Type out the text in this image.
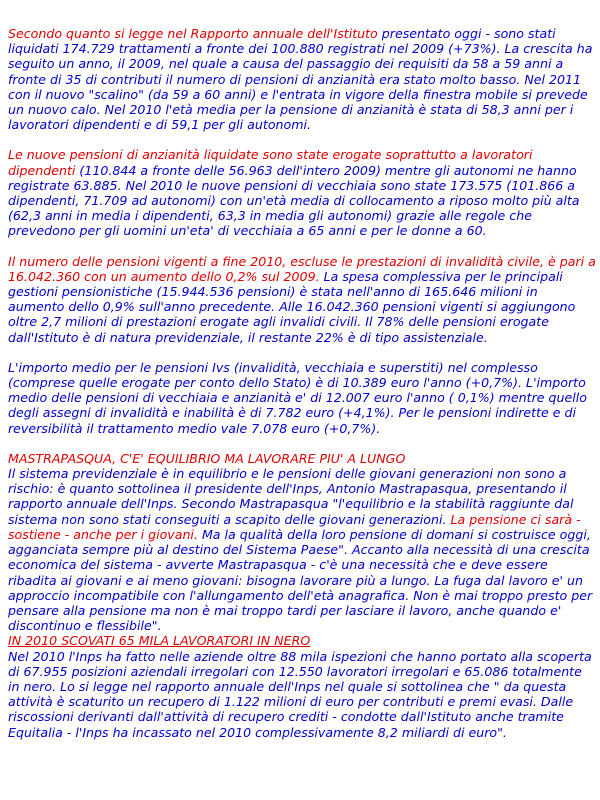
Secondo quanto si legge nel Rapporto annuale dell'Istituto presentato oggi - sono stati liquidati 174.729 trattamenti a fronte dei 100.880 registrati nel 2009 (+73%). La crescita ha seguito un anno, il 2009, nel quale a causa del passaggio dei requisiti da 58 a 59 anni a fronte di 35 di contributi il numero di pensioni di anzianità era stato molto basso. Nel 2011 con il nuovo "scalino" (da 59 a 60 anni) e l'entrata in vigore della finestra mobile si prevede un nuovo calo. Nel 2010 l'età media per la pensione di anzianità è stata di 58,3 anni per i lavoratori dipendenti e di 59,1 per gli autonomi.

Le nuove pensioni di anzianità liquidate sono state erogate soprattutto a lavoratori dipendenti (110.844 a fronte delle 56.963 dell'intero 2009) mentre gli autonomi ne hanno registrate 63.885. Nel 2010 le nuove pensioni di vecchiaia sono state 173.575 (101.866 a dipendenti, 71.709 ad autonomi) con un'età media di collocamento a riposo molto più alta (62,3 anni in media i dipendenti, 63,3 in media gli autonomi) grazie alle regole che prevedono per gli uomini un'eta' di vecchiaia a 65 anni e per le donne a 60.

Il numero delle pensioni vigenti a fine 2010, escluse le prestazioni di invalidità civile, è pari a 16.042.360 con un aumento dello 0,2% sul 2009. La spesa complessiva per le principali gestioni pensionistiche (15.944.536 pensioni) è stata nell'anno di 165.646 milioni in aumento dello 0,9% sull'anno precedente. Alle 16.042.360 pensioni vigenti si aggiungono oltre 2,7 milioni di prestazioni erogate agli invalidi civili. Il 78% delle pensioni erogate dall'Istituto è di natura previdenziale, il restante 22% è di tipo assistenziale.

L'importo medio per le pensioni Ivs (invalidità, vecchiaia e superstiti) nel complesso (comprese quelle erogate per conto dello Stato) è di 10.389 euro l'anno (+0,7%). L'importo medio delle pensioni di vecchiaia e anzianità e' di 12.007 euro l'anno ( 0,1%) mentre quello degli assegni di invalidità e inabilità è di 7.782 euro (+4,1%). Per le pensioni indirette e di reversibilità il trattamento medio vale 7.078 euro (+0,7%).

MASTRAPASQUA, C'E' EQUILIBRIO MA LAVORARE PIU' A LUNGO
Il sistema previdenziale è in equilibrio e le pensioni delle giovani generazioni non sono a rischio: è quanto sottolinea il presidente dell'Inps, Antonio Mastrapasqua, presentando il rapporto annuale dell'Inps. Secondo Mastrapasqua "l'equilibrio e la stabilità raggiunte dal sistema non sono stati conseguiti a scapito delle giovani generazioni. La pensione ci sarà - sostiene - anche per i giovani. Ma la qualità della loro pensione di domani si costruisce oggi, agganciata sempre più al destino del Sistema Paese". Accanto alla necessità di una crescita economica del sistema - avverte Mastrapasqua - c'è una necessità che e deve essere ribadita ai giovani e ai meno giovani: bisogna lavorare più a lungo. La fuga dal lavoro e' un approccio incompatibile con l'allungamento dell'età anagrafica. Non è mai troppo presto per pensare alla pensione ma non è mai troppo tardi per lasciare il lavoro, anche quando e' discontinuo e flessibile".
IN 2010 SCOVATI 65 MILA LAVORATORI IN NERO
Nel 2010 l'Inps ha fatto nelle aziende oltre 88 mila ispezioni che hanno portato alla scoperta di 67.955 posizioni aziendali irregolari con 12.550 lavoratori irregolari e 65.086 totalmente in nero. Lo si legge nel rapporto annuale dell'Inps nel quale si sottolinea che " da questa attività è scaturito un recupero di 1.122 milioni di euro per contributi e premi evasi. Dalle riscossioni derivanti dall'attività di recupero crediti - condotte dall'Istituto anche tramite Equitalia - l'Inps ha incassato nel 2010 complessivamente 8,2 miliardi di euro".
